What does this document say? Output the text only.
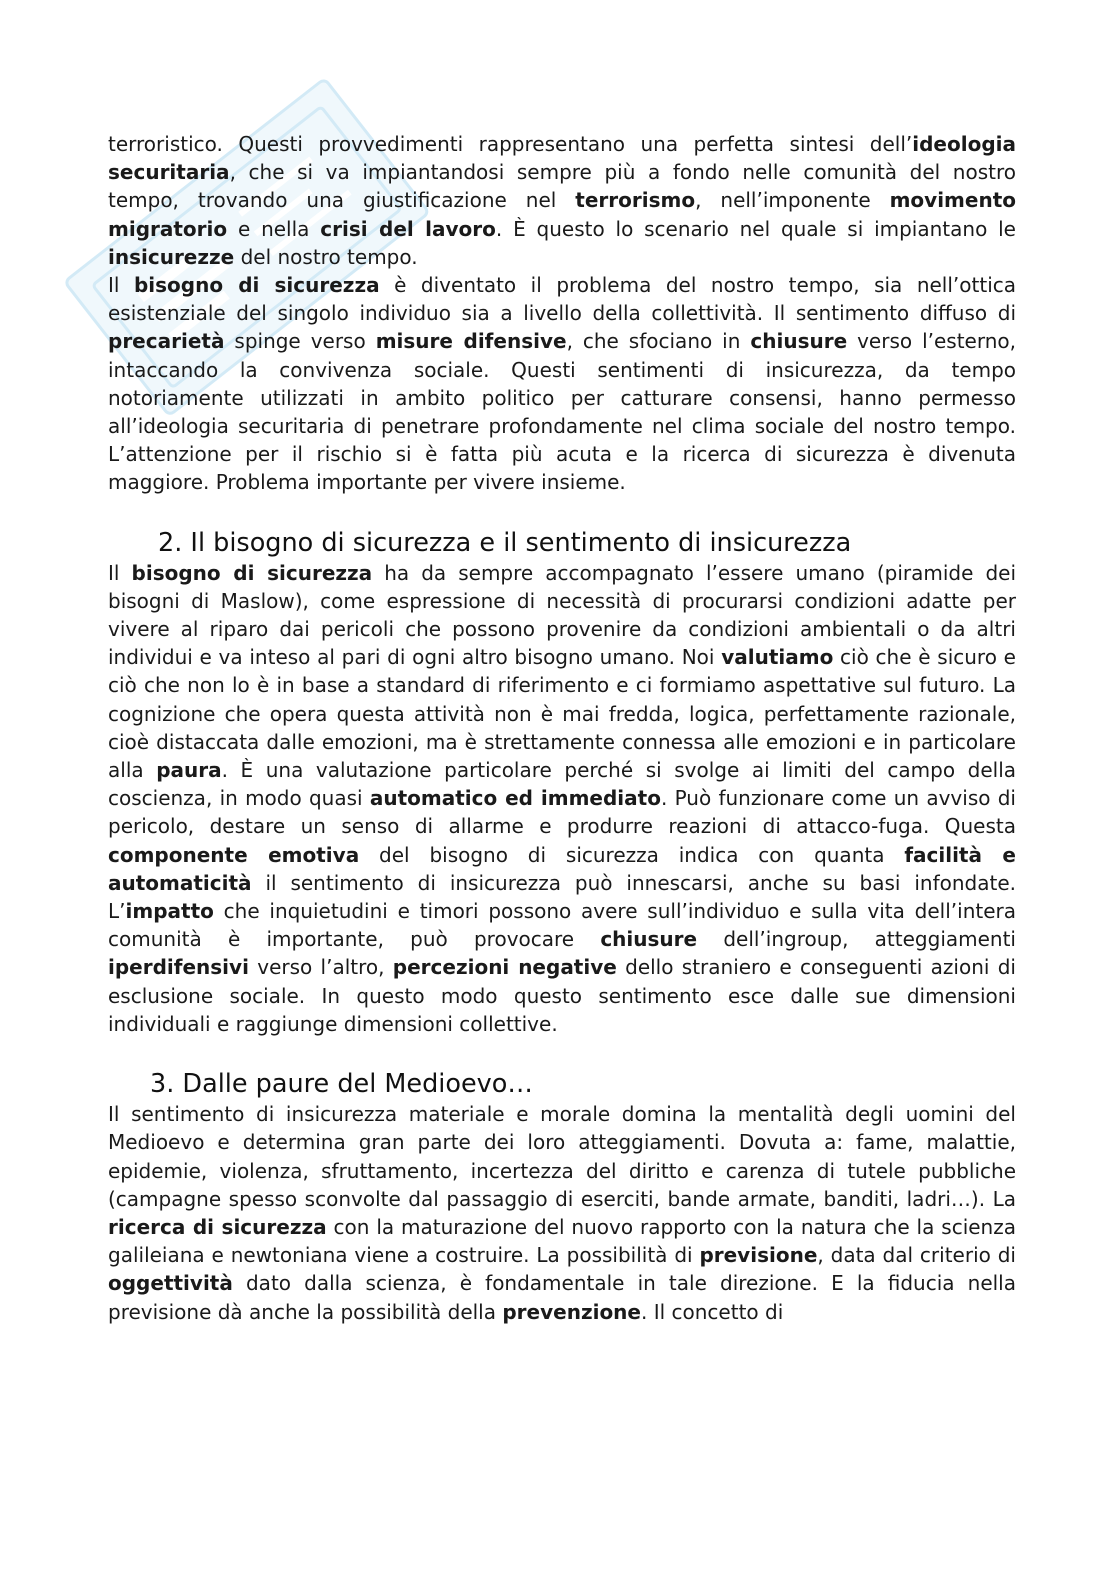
terroristico. Questi provvedimenti rappresentano una perfetta sintesi dell’ideologia securitaria, che si va impiantandosi sempre più a fondo nelle comunità del nostro tempo, trovando una giustificazione nel terrorismo, nell’imponente movimento migratorio e nella crisi del lavoro. È questo lo scenario nel quale si impiantano le insicurezze del nostro tempo.

Il bisogno di sicurezza è diventato il problema del nostro tempo, sia nell’ottica esistenziale del singolo individuo sia a livello della collettività. Il sentimento diffuso di precarietà spinge verso misure difensive, che sfociano in chiusure verso l’esterno, intaccando la convivenza sociale. Questi sentimenti di insicurezza, da tempo notoriamente utilizzati in ambito politico per catturare consensi, hanno permesso all’ideologia securitaria di penetrare profondamente nel clima sociale del nostro tempo. L’attenzione per il rischio si è fatta più acuta e la ricerca di sicurezza è divenuta maggiore. Problema importante per vivere insieme.

2. Il bisogno di sicurezza e il sentimento di insicurezza

Il bisogno di sicurezza ha da sempre accompagnato l’essere umano (piramide dei bisogni di Maslow), come espressione di necessità di procurarsi condizioni adatte per vivere al riparo dai pericoli che possono provenire da condizioni ambientali o da altri individui e va inteso al pari di ogni altro bisogno umano. Noi valutiamo ciò che è sicuro e ciò che non lo è in base a standard di riferimento e ci formiamo aspettative sul futuro. La cognizione che opera questa attività non è mai fredda, logica, perfettamente razionale, cioè distaccata dalle emozioni, ma è strettamente connessa alle emozioni e in particolare alla paura. È una valutazione particolare perché si svolge ai limiti del campo della coscienza, in modo quasi automatico ed immediato. Può funzionare come un avviso di pericolo, destare un senso di allarme e produrre reazioni di attacco-fuga. Questa componente emotiva del bisogno di sicurezza indica con quanta facilità e automaticità il sentimento di insicurezza può innescarsi, anche su basi infondate. L’impatto che inquietudini e timori possono avere sull’individuo e sulla vita dell’intera comunità è importante, può provocare chiusure dell’ingroup, atteggiamenti iperdifensivi verso l’altro, percezioni negative dello straniero e conseguenti azioni di esclusione sociale. In questo modo questo sentimento esce dalle sue dimensioni individuali e raggiunge dimensioni collettive.

3. Dalle paure del Medioevo…

Il sentimento di insicurezza materiale e morale domina la mentalità degli uomini del Medioevo e determina gran parte dei loro atteggiamenti. Dovuta a: fame, malattie, epidemie, violenza, sfruttamento, incertezza del diritto e carenza di tutele pubbliche (campagne spesso sconvolte dal passaggio di eserciti, bande armate, banditi, ladri…). La ricerca di sicurezza con la maturazione del nuovo rapporto con la natura che la scienza galileiana e newtoniana viene a costruire. La possibilità di previsione, data dal criterio di oggettività dato dalla scienza, è fondamentale in tale direzione. E la fiducia nella previsione dà anche la possibilità della prevenzione. Il concetto di
